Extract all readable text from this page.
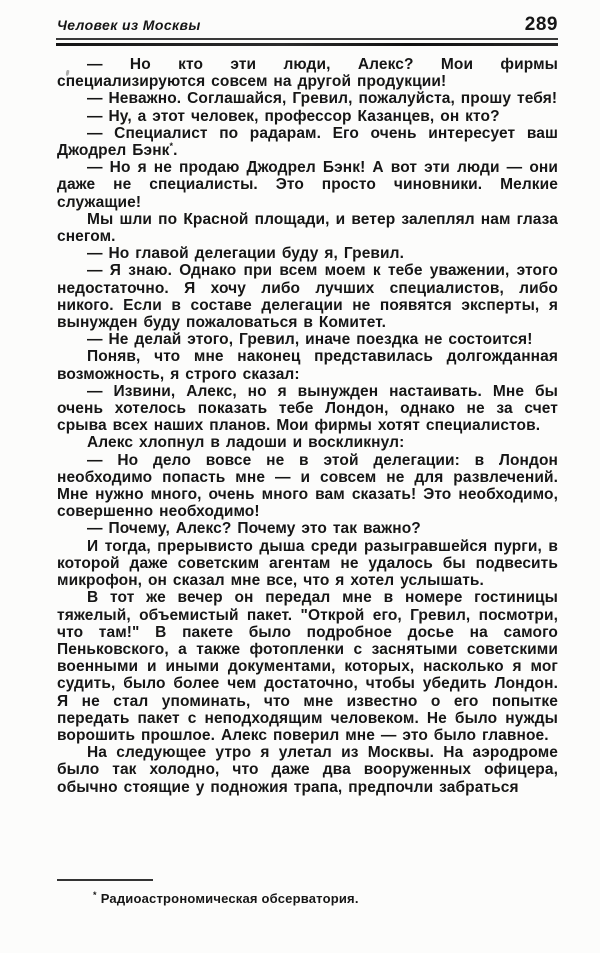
Человек из Москвы	289

— Но кто эти люди, Алекс? Мои фирмы специализируются совсем на другой продукции!

— Неважно. Соглашайся, Гревил, пожалуйста, прошу тебя!

— Ну, а этот человек, профессор Казанцев, он кто?

— Специалист по радарам. Его очень интересует ваш Джодрел Бэнк*.

— Но я не продаю Джодрел Бэнк! А вот эти люди — они даже не специалисты. Это просто чиновники. Мелкие служащие!

Мы шли по Красной площади, и ветер залеплял нам глаза снегом.

— Но главой делегации буду я, Гревил.

— Я знаю. Однако при всем моем к тебе уважении, этого недостаточно. Я хочу либо лучших специалистов, либо никого. Если в составе делегации не появятся эксперты, я вынужден буду пожаловаться в Комитет.

— Не делай этого, Гревил, иначе поездка не состоится!

Поняв, что мне наконец представилась долгожданная возможность, я строго сказал:

— Извини, Алекс, но я вынужден настаивать. Мне бы очень хотелось показать тебе Лондон, однако не за счет срыва всех наших планов. Мои фирмы хотят специалистов.

Алекс хлопнул в ладоши и воскликнул:

— Но дело вовсе не в этой делегации: в Лондон необходимо попасть мне — и совсем не для развлечений. Мне нужно много, очень много вам сказать! Это необходимо, совершенно необходимо!

— Почему, Алекс? Почему это так важно?

И тогда, прерывисто дыша среди разыгравшейся пурги, в которой даже советским агентам не удалось бы подвесить микрофон, он сказал мне все, что я хотел услышать.

В тот же вечер он передал мне в номере гостиницы тяжелый, объемистый пакет. "Открой его, Гревил, посмотри, что там!" В пакете было подробное досье на самого Пеньковского, а также фотопленки с заснятыми советскими военными и иными документами, которых, насколько я мог судить, было более чем достаточно, чтобы убедить Лондон. Я не стал упоминать, что мне известно о его попытке передать пакет с неподходящим человеком. Не было нужды ворошить прошлое. Алекс поверил мне — это было главное.

На следующее утро я улетал из Москвы. На аэродроме было так холодно, что даже два вооруженных офицера, обычно стоящие у подножия трапа, предпочли забраться

* Радиоастрономическая обсерватория.
